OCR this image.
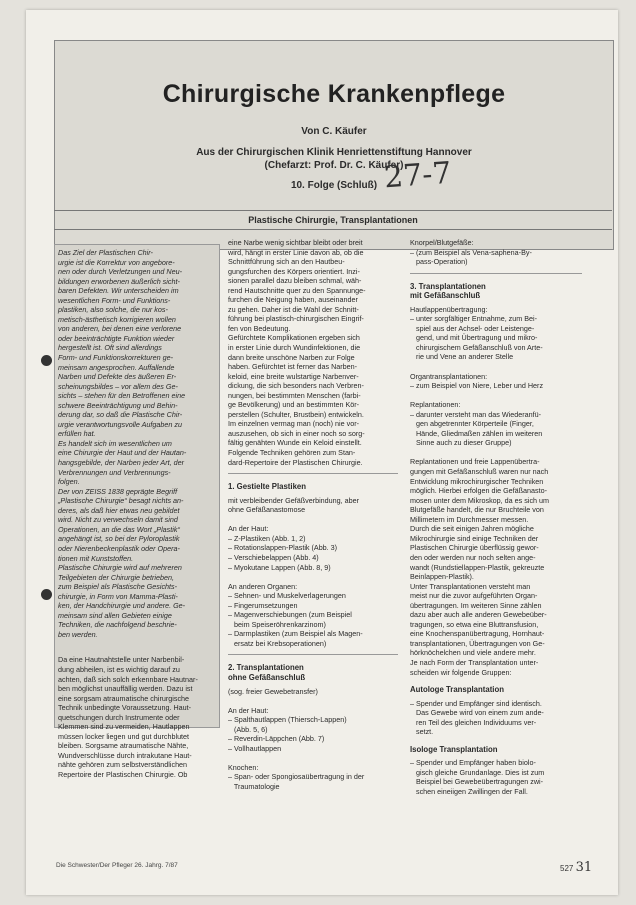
Chirurgische Krankenpflege
Von C. Käufer
Aus der Chirurgischen Klinik Henriettenstiftung Hannover
(Chefarzt: Prof. Dr. C. Käufer)
10. Folge (Schluß) 27-7
Plastische Chirurgie, Transplantationen

Das Ziel der Plastischen Chir-

urgie ist die Korrektur von angebore-

nen oder durch Verletzungen und Neu-

bildungen erworbenen äußerlich sicht-

baren Defekten. Wir unterscheiden im

wesentlichen Form- und Funktions-

plastiken, also solche, die nur kos-

metisch-ästhetisch korrigieren wollen

von anderen, bei denen eine verlorene

oder beeinträchtigte Funktion wieder

hergestellt ist. Oft sind allerdings

Form- und Funktionskorrekturen ge-

meinsam angesprochen. Auffallende

Narben und Defekte des äußeren Er-

scheinungsbildes – vor allem des Ge-

sichts – stehen für den Betroffenen eine

schwere Beeinträchtigung und Behin-

derung dar, so daß die Plastische Chir-

urgie verantwortungsvolle Aufgaben zu

erfüllen hat.

Es handelt sich im wesentlichen um

eine Chirurgie der Haut und der Hautan-

hangsgebilde, der Narben jeder Art, der

Verbrennungen und Verbrennungs-

folgen.

Der von ZEISS 1838 geprägte Begriff

„Plastische Chirurgie“ besagt nichts an-

deres, als daß hier etwas neu gebildet

wird. Nicht zu verwechseln damit sind

Operationen, an die das Wort „Plastik“

angehängt ist, so bei der Pyloroplastik

oder Nierenbeckenplastik oder Opera-

tionen mit Kunststoffen.

Plastische Chirurgie wird auf mehreren

Teilgebieten der Chirurgie betrieben,

zum Beispiel als Plastische Gesichts-

chirurgie, in Form von Mamma-Plasti-

ken, der Handchirurgie und andere. Ge-

meinsam sind allen Gebieten einige

Techniken, die nachfolgend beschrie-

ben werden.

Da eine Hautnahtstelle unter Narbenbil-

dung abheilen, ist es wichtig darauf zu

achten, daß sich solch erkennbare Hautnar-

ben möglichst unauffällig werden. Dazu ist

eine sorgsam atraumatische chirurgische

Technik unbedingte Voraussetzung. Haut-

quetschungen durch Instrumente oder

Klemmen sind zu vermeiden, Hautlappen

müssen locker liegen und gut durchblutet

bleiben. Sorgsame atraumatische Nähte,

Wundverschlüsse durch intrakutane Haut-

nähte gehören zum selbstverständlichen

Repertoire der Plastischen Chirurgie. Ob

eine Narbe wenig sichtbar bleibt oder breit

wird, hängt in erster Linie davon ab, ob die

Schnittführung sich an den Hautbeu-

gungsfurchen des Körpers orientiert. Inzi-

sionen parallel dazu bleiben schmal, wäh-

rend Hautschnitte quer zu den Spannunge-

furchen die Neigung haben, auseinander

zu gehen. Daher ist die Wahl der Schnitt-

führung bei plastisch-chirurgischen Eingrif-

fen von Bedeutung.

Gefürchtete Komplikationen ergeben sich

in erster Linie durch Wundinfektionen, die

dann breite unschöne Narben zur Folge

haben. Gefürchtet ist ferner das Narben-

keloid, eine breite wulstartige Narbenver-

dickung, die sich besonders nach Verbren-

nungen, bei bestimmten Menschen (farbi-

ge Bevölkerung) und an bestimmten Kör-

perstellen (Schulter, Brustbein) entwickeln.

Im einzelnen vermag man (noch) nie vor-

auszusehen, ob sich in einer noch so sorg-

fältig genähten Wunde ein Keloid einstellt.

Folgende Techniken gehören zum Stan-

dard-Repertoire der Plastischen Chirurgie.

1. Gestielte Plastiken

mit verbleibender Gefäßverbindung, aber

ohne Gefäßanastomose

An der Haut:

– Z-Plastiken (Abb. 1, 2)

– Rotationslappen-Plastik (Abb. 3)

– Verschiebelappen (Abb. 4)

– Myokutane Lappen (Abb. 8, 9)

An anderen Organen:

– Sehnen- und Muskelverlagerungen

– Fingerumsetzungen

– Magenverschiebungen (zum Beispiel

beim Speiseröhrenkarzinom)

– Darmplastiken (zum Beispiel als Magen-

ersatz bei Krebsoperationen)

2. Transplantationen
ohne Gefäßanschluß

(sog. freier Gewebetransfer)

An der Haut:

– Spalthautlappen (Thiersch-Lappen)

(Abb. 5, 6)

– Reverdin-Läppchen (Abb. 7)

– Vollhautlappen

Knochen:

– Span- oder Spongiosaübertragung in der

Traumatologie

Knorpel/Blutgefäße:

– (zum Beispiel als Vena-saphena-By-

pass-Operation)

3. Transplantationen
mit Gefäßanschluß

Hautlappenübertragung:

– unter sorgfältiger Entnahme, zum Bei-

spiel aus der Achsel- oder Leistenge-

gend, und mit Übertragung und mikro-

chirurgischem Gefäßanschluß von Arte-

rie und Vene an anderer Stelle

Organtransplantationen:

– zum Beispiel von Niere, Leber und Herz

Replantationen:

– darunter versteht man das Wiederanfü-

gen abgetrennter Körperteile (Finger,

Hände, Gliedmaßen zählen im weiteren

Sinne auch zu dieser Gruppe)

Replantationen und freie Lappenübertra-

gungen mit Gefäßanschluß waren nur nach

Entwicklung mikrochirurgischer Techniken

möglich. Hierbei erfolgen die Gefäßanasto-

mosen unter dem Mikroskop, da es sich um

Blutgefäße handelt, die nur Bruchteile von

Millimetern im Durchmesser messen.

Durch die seit einigen Jahren mögliche

Mikrochirurgie sind einige Techniken der

Plastischen Chirurgie überflüssig gewor-

den oder werden nur noch selten ange-

wandt (Rundstiellappen-Plastik, gekreuzte

Beinlappen-Plastik).

Unter Transplantationen versteht man

meist nur die zuvor aufgeführten Organ-

übertragungen. Im weiteren Sinne zählen

dazu aber auch alle anderen Gewebeüber-

tragungen, so etwa eine Bluttransfusion,

eine Knochenspanübertragung, Hornhaut-

transplantationen, Übertragungen von Ge-

hörknöchelchen und viele andere mehr.

Je nach Form der Transplantation unter-

scheiden wir folgende Gruppen:

Autologe Transplantation

– Spender und Empfänger sind identisch.

Das Gewebe wird von einem zum ande-

ren Teil des gleichen Individuums ver-

setzt.

Isologe Transplantation

– Spender und Empfänger haben biolo-

gisch gleiche Grundanlage. Dies ist zum

Beispiel bei Gewebeübertragungen zwi-

schen eineiigen Zwillingen der Fall.

Die Schwester/Der Pfleger 26. Jahrg. 7/87	527 31
